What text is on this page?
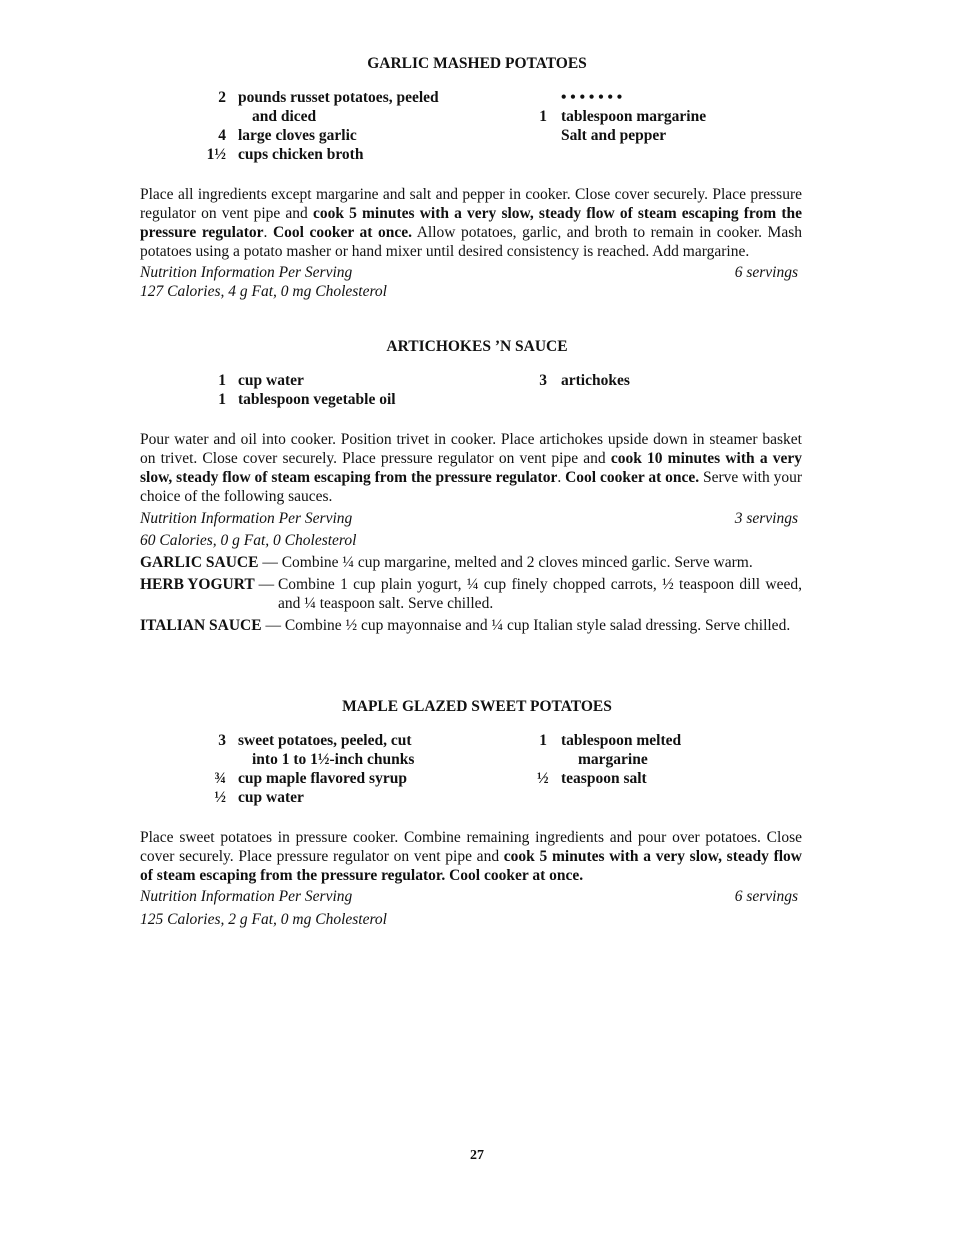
GARLIC MASHED POTATOES
2 pounds russet potatoes, peeled
and diced
4 large cloves garlic
1½ cups chicken broth
• • • • • • •
1 tablespoon margarine
Salt and pepper

Place all ingredients except margarine and salt and pepper in cooker. Close cover securely. Place pressure regulator on vent pipe and cook 5 minutes with a very slow, steady flow of steam escaping from the pressure regulator. Cool cooker at once. Allow potatoes, garlic, and broth to remain in cooker. Mash potatoes using a potato masher or hand mixer until desired consistency is reached. Add margarine.

Nutrition Information Per Serving	6 servings

127 Calories, 4 g Fat, 0 mg Cholesterol

ARTICHOKES ’N SAUCE
1 cup water
1 tablespoon vegetable oil
3 artichokes

Pour water and oil into cooker. Position trivet in cooker. Place artichokes upside down in steamer basket on trivet. Close cover securely. Place pressure regulator on vent pipe and cook 10 minutes with a very slow, steady flow of steam escaping from the pressure regulator. Cool cooker at once. Serve with your choice of the following sauces.

Nutrition Information Per Serving	3 servings

60 Calories, 0 g Fat, 0 Cholesterol

GARLIC SAUCE — Combine ¼ cup margarine, melted and 2 cloves minced garlic. Serve warm.
HERB YOGURT — Combine 1 cup plain yogurt, ¼ cup finely chopped carrots, ½ teaspoon dill weed, and ¼ teaspoon salt. Serve chilled.
ITALIAN SAUCE — Combine ½ cup mayonnaise and ¼ cup Italian style salad dressing. Serve chilled.
MAPLE GLAZED SWEET POTATOES
3 sweet potatoes, peeled, cut
into 1 to 1½-inch chunks
¾ cup maple flavored syrup
½ cup water
1 tablespoon melted
margarine
½ teaspoon salt

Place sweet potatoes in pressure cooker. Combine remaining ingredients and pour over potatoes. Close cover securely. Place pressure regulator on vent pipe and cook 5 minutes with a very slow, steady flow of steam escaping from the pressure regulator. Cool cooker at once.

Nutrition Information Per Serving	6 servings

125 Calories, 2 g Fat, 0 mg Cholesterol

27
